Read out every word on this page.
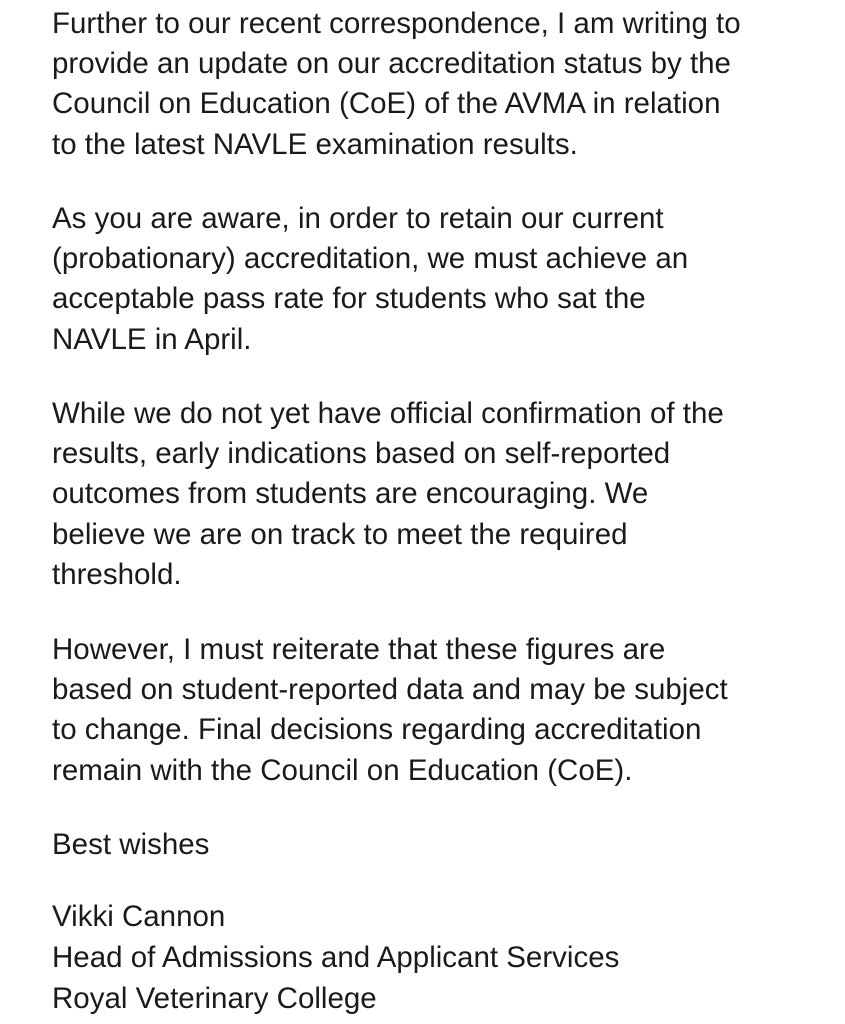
Further to our recent correspondence, I am writing to
provide an update on our accreditation status by the
Council on Education (CoE) of the AVMA in relation
to the latest NAVLE examination results.

As you are aware, in order to retain our current
(probationary) accreditation, we must achieve an
acceptable pass rate for students who sat the
NAVLE in April.

While we do not yet have official confirmation of the
results, early indications based on self-reported
outcomes from students are encouraging. We
believe we are on track to meet the required
threshold.

However, I must reiterate that these figures are
based on student-reported data and may be subject
to change. Final decisions regarding accreditation
remain with the Council on Education (CoE).

Best wishes

Vikki Cannon
Head of Admissions and Applicant Services
Royal Veterinary College
